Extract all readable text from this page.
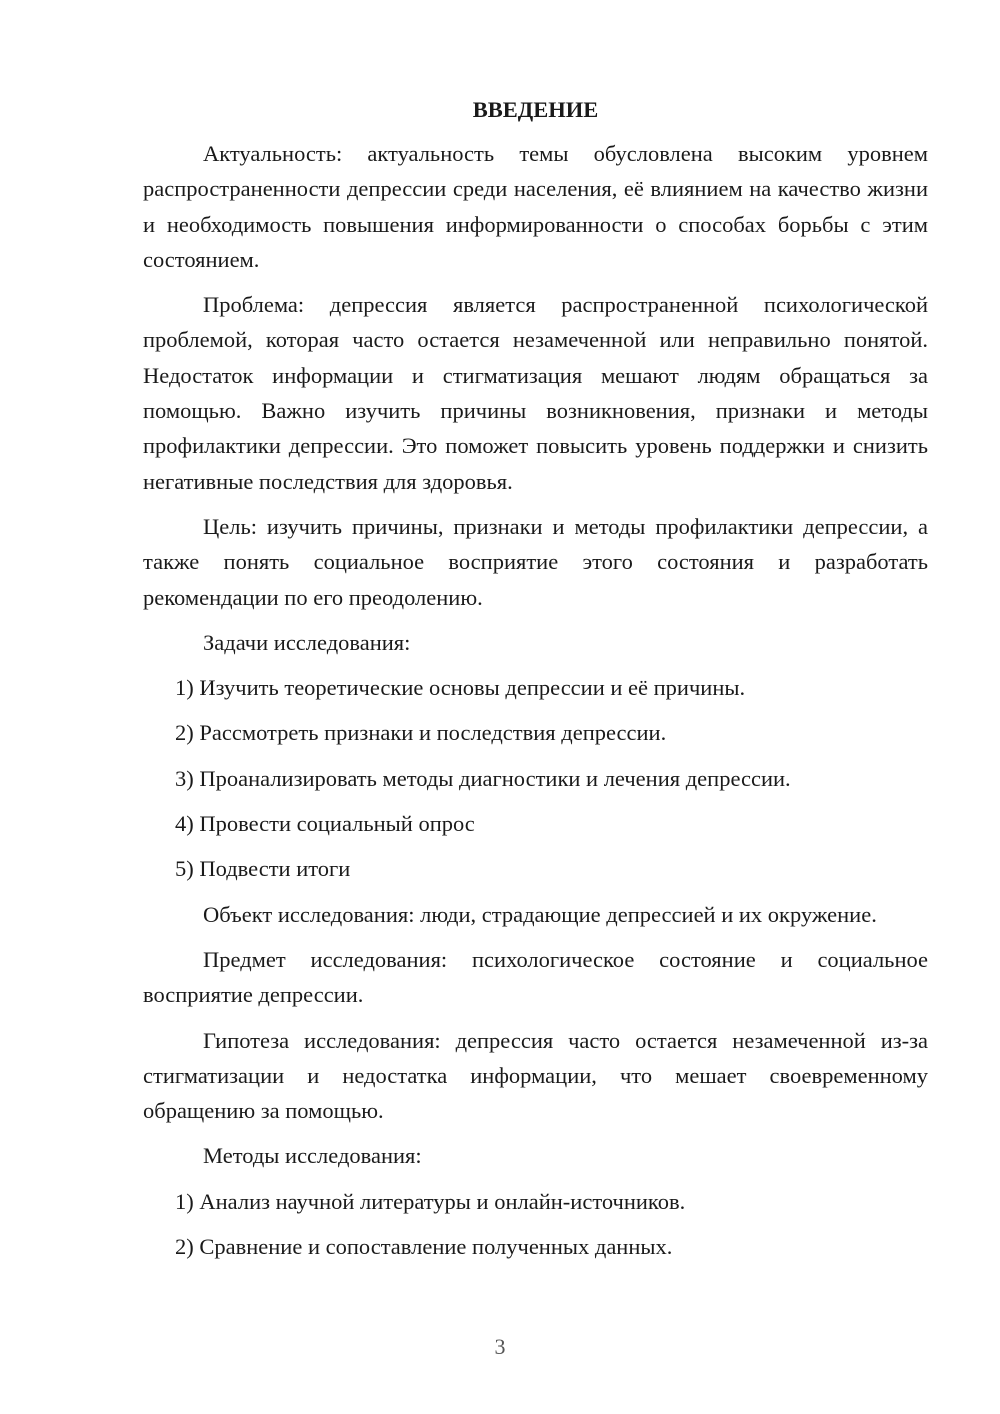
ВВЕДЕНИЕ

Актуальность: актуальность темы обусловлена высоким уровнем распространенности депрессии среди населения, её влиянием на качество жизни и необходимость повышения информированности о способах борьбы с этим состоянием.

Проблема: депрессия является распространенной психологической проблемой, которая часто остается незамеченной или неправильно понятой. Недостаток информации и стигматизация мешают людям обращаться за помощью. Важно изучить причины возникновения, признаки и методы профилактики депрессии. Это поможет повысить уровень поддержки и снизить негативные последствия для здоровья.

Цель: изучить причины, признаки и методы профилактики депрессии, а также понять социальное восприятие этого состояния и разработать рекомендации по его преодолению.

Задачи исследования:

1) Изучить теоретические основы депрессии и её причины.
2) Рассмотреть признаки и последствия депрессии.
3) Проанализировать методы диагностики и лечения депрессии.
4) Провести социальный опрос
5) Подвести итоги

Объект исследования: люди, страдающие депрессией и их окружение.

Предмет исследования: психологическое состояние и социальное восприятие депрессии.

Гипотеза исследования: депрессия часто остается незамеченной из-за стигматизации и недостатка информации, что мешает своевременному обращению за помощью.

Методы исследования:

1) Анализ научной литературы и онлайн-источников.
2) Сравнение и сопоставление полученных данных.
3
